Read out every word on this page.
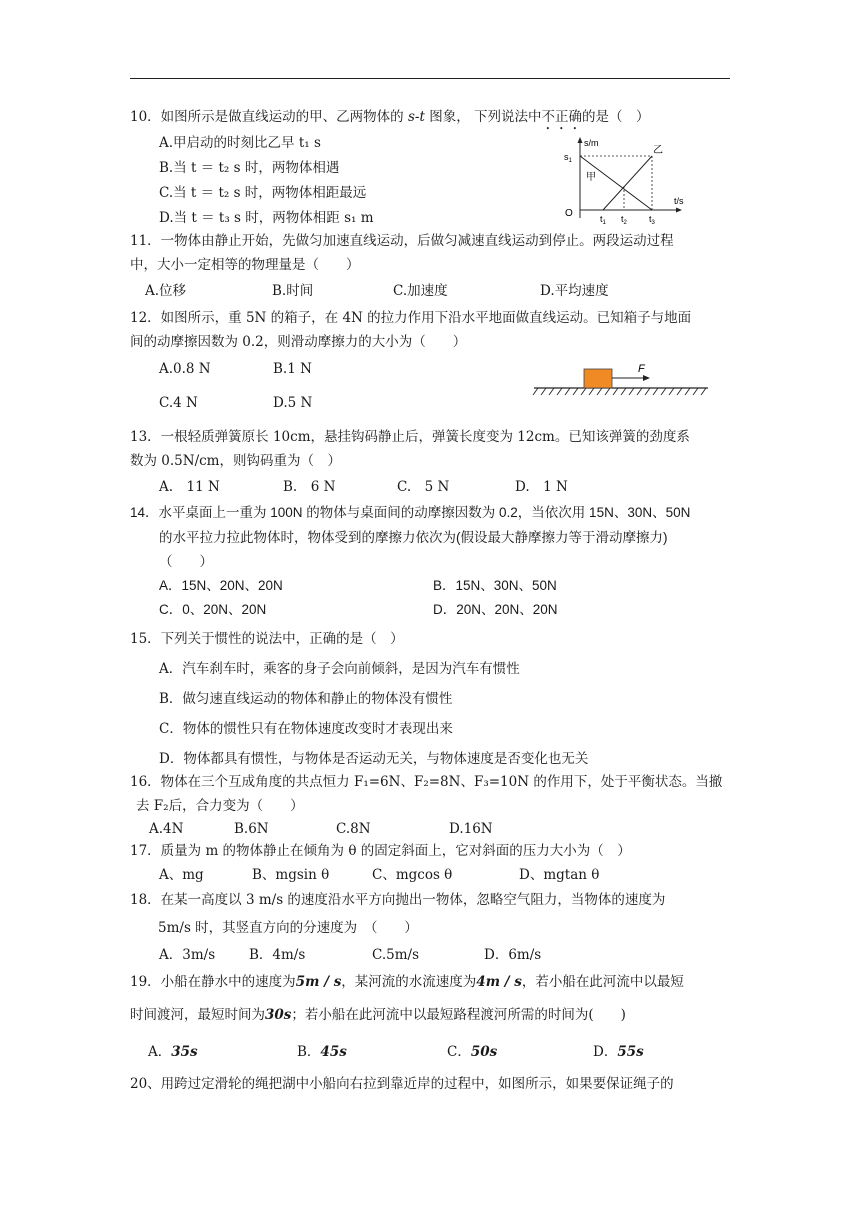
10．如图所示是做直线运动的甲、乙两物体的 s-t 图象， 下列说法中不正确的是（　）
A.甲启动的时刻比乙早 t₁ s
B.当 t ＝ t₂ s 时，两物体相遇
C.当 t ＝ t₂ s 时，两物体相距最远
D.当 t ＝ t₃ s 时，两物体相距 s₁ m
s/m
$s_1$
O
甲
乙
t/s
$t_1$ $t_2$ $t_3$
11．一物体由静止开始，先做匀加速直线运动，后做匀减速直线运动到停止。两段运动过程
中，大小一定相等的物理量是（　　）
A.位移	B.时间	C.加速度	D.平均速度
12．如图所示，重 5N 的箱子，在 4N 的拉力作用下沿水平地面做直线运动。已知箱子与地面
间的动摩擦因数为 0.2，则滑动摩擦力的大小为（　　）
A.0.8 N	B.1 N
C.4 N	D.5 N
F
13．一根轻质弹簧原长 10cm，悬挂钩码静止后，弹簧长度变为 12cm。已知该弹簧的劲度系
数为 0.5N/cm，则钩码重为（　）
A.　11 N	B.　6 N	C.　5 N	D.　1 N
14．水平桌面上一重为 100N 的物体与桌面间的动摩擦因数为 0.2，当依次用 15N、30N、50N
的水平拉力拉此物体时，物体受到的摩擦力依次为(假设最大静摩擦力等于滑动摩擦力)
（　　）
A．15N、20N、20N	B．15N、30N、50N
C．0、20N、20N	D．20N、20N、20N
15．下列关于惯性的说法中，正确的是（　）
A．汽车刹车时，乘客的身子会向前倾斜，是因为汽车有惯性
B．做匀速直线运动的物体和静止的物体没有惯性
C．物体的惯性只有在物体速度改变时才表现出来
D．物体都具有惯性，与物体是否运动无关，与物体速度是否变化也无关
16．物体在三个互成角度的共点恒力 F₁=6N、F₂=8N、F₃=10N 的作用下，处于平衡状态。当撤
去 F₂后，合力变为（　　）
A.4N	B.6N	C.8N	D.16N
17．质量为 m 的物体静止在倾角为 θ 的固定斜面上，它对斜面的压力大小为（　）
A、mg	B、mgsin θ	C、mgcos θ	D、mgtan θ
18．在某一高度以 3 m/s 的速度沿水平方向抛出一物体，忽略空气阻力，当物体的速度为
5m/s 时，其竖直方向的分速度为　（　　）
A．3m/s	B．4m/s	C.5m/s	D．6m/s
19．小船在静水中的速度为5m / s，某河流的水流速度为4m / s，若小船在此河流中以最短
时间渡河，最短时间为30s；若小船在此河流中以最短路程渡河所需的时间为(　　)
A．35s	B．45s	C．50s	D．55s
20、用跨过定滑轮的绳把湖中小船向右拉到靠近岸的过程中，如图所示，如果要保证绳子的
